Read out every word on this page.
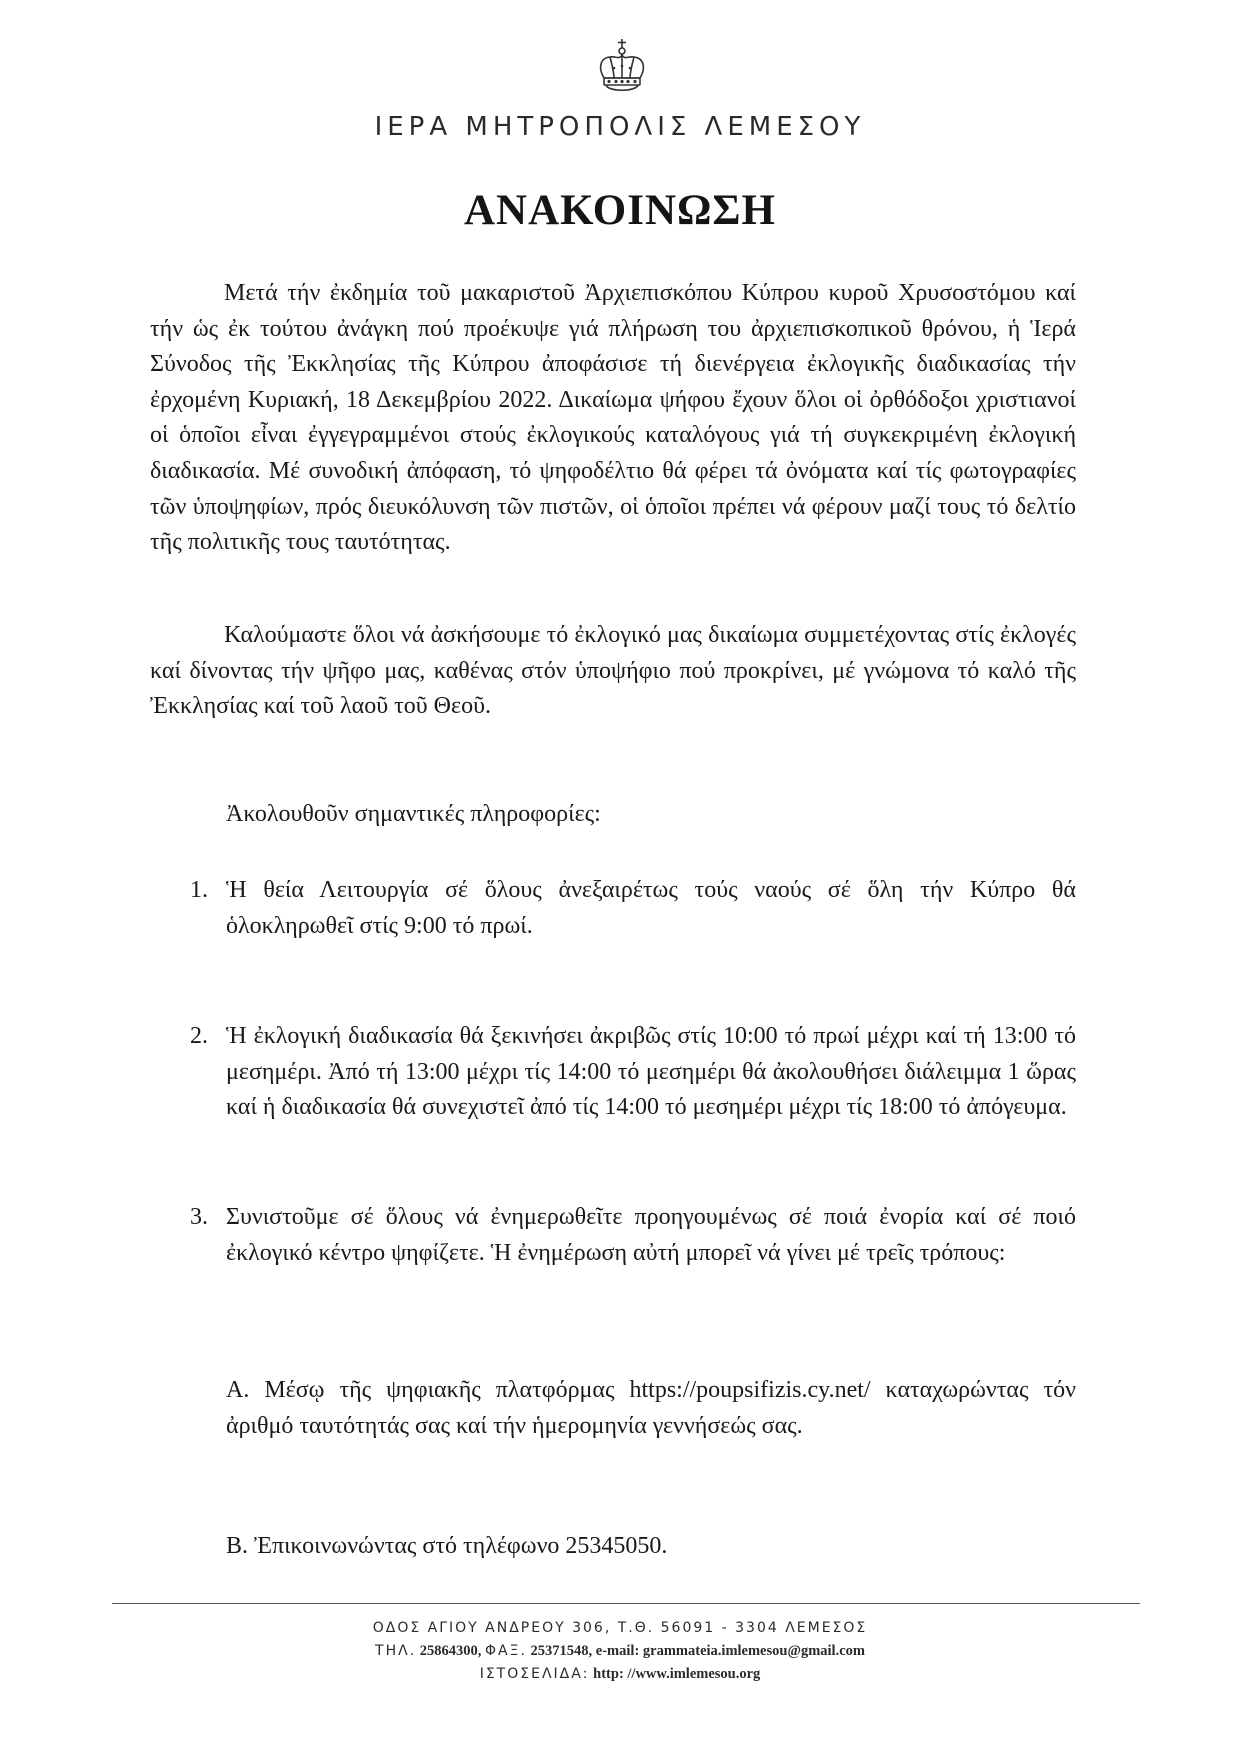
ΙΕΡΑ ΜΗΤΡΟΠΟΛΙΣ ΛΕΜΕΣΟΥ
ΑΝΑΚΟΙΝΩΣΗ

Μετά τήν ἐκδημία τοῦ μακαριστοῦ Ἀρχιεπισκόπου Κύπρου κυροῦ Χρυσοστόμου καί τήν ὡς ἐκ τούτου ἀνάγκη πού προέκυψε γιά πλήρωση του ἀρχιεπισκοπικοῦ θρόνου, ἡ Ἱερά Σύνοδος τῆς Ἐκκλησίας τῆς Κύπρου ἀποφάσισε τή διενέργεια ἐκλογικῆς διαδικασίας τήν ἐρχομένη Κυριακή, 18 Δεκεμβρίου 2022. Δικαίωμα ψήφου ἔχουν ὅλοι οἱ ὀρθόδοξοι χριστιανοί οἱ ὁποῖοι εἶναι ἐγγεγραμμένοι στούς ἐκλογικούς καταλόγους γιά τή συγκεκριμένη ἐκλογική διαδικασία. Μέ συνοδική ἀπόφαση, τό ψηφοδέλτιο θά φέρει τά ὀνόματα καί τίς φωτογραφίες τῶν ὑποψηφίων, πρός διευκόλυνση τῶν πιστῶν, οἱ ὁποῖοι πρέπει νά φέρουν μαζί τους τό δελτίο τῆς πολιτικῆς τους ταυτότητας.

Καλούμαστε ὅλοι νά ἀσκήσουμε τό ἐκλογικό μας δικαίωμα συμμετέχοντας στίς ἐκλογές καί δίνοντας τήν ψῆφο μας, καθένας στόν ὑποψήφιο πού προκρίνει, μέ γνώμονα τό καλό τῆς Ἐκκλησίας καί τοῦ λαοῦ τοῦ Θεοῦ.

Ἀκολουθοῦν σημαντικές πληροφορίες:

1. Ἡ θεία Λειτουργία σέ ὅλους ἀνεξαιρέτως τούς ναούς σέ ὅλη τήν Κύπρο θά ὁλοκληρωθεῖ στίς 9:00 τό πρωί.

2. Ἡ ἐκλογική διαδικασία θά ξεκινήσει ἀκριβῶς στίς 10:00 τό πρωί μέχρι καί τή 13:00 τό μεσημέρι. Ἀπό τή 13:00 μέχρι τίς 14:00 τό μεσημέρι θά ἀκολουθήσει διάλειμμα 1 ὥρας καί ἡ διαδικασία θά συνεχιστεῖ ἀπό τίς 14:00 τό μεσημέρι μέχρι τίς 18:00 τό ἀπόγευμα.

3. Συνιστοῦμε σέ ὅλους νά ἐνημερωθεῖτε προηγουμένως σέ ποιά ἐνορία καί σέ ποιό ἐκλογικό κέντρο ψηφίζετε. Ἡ ἐνημέρωση αὐτή μπορεῖ νά γίνει μέ τρεῖς τρόπους:

Α. Μέσῳ τῆς ψηφιακῆς πλατφόρμας https://poupsifizis.cy.net/ καταχωρώντας τόν ἀριθμό ταυτότητάς σας καί τήν ἡμερομηνία γεννήσεώς σας.

Β. Ἐπικοινωνώντας στό τηλέφωνο 25345050.

ΟΔΟΣ ΑΓΙΟΥ ΑΝΔΡΕΟΥ 306, Τ.Θ. 56091 - 3304 ΛΕΜΕΣΟΣ
ΤΗΛ. 25864300, ΦΑΞ. 25371548, e-mail: grammateia.imlemesou@gmail.com
ΙΣΤΟΣΕΛΙΔΑ: http: //www.imlemesou.org
